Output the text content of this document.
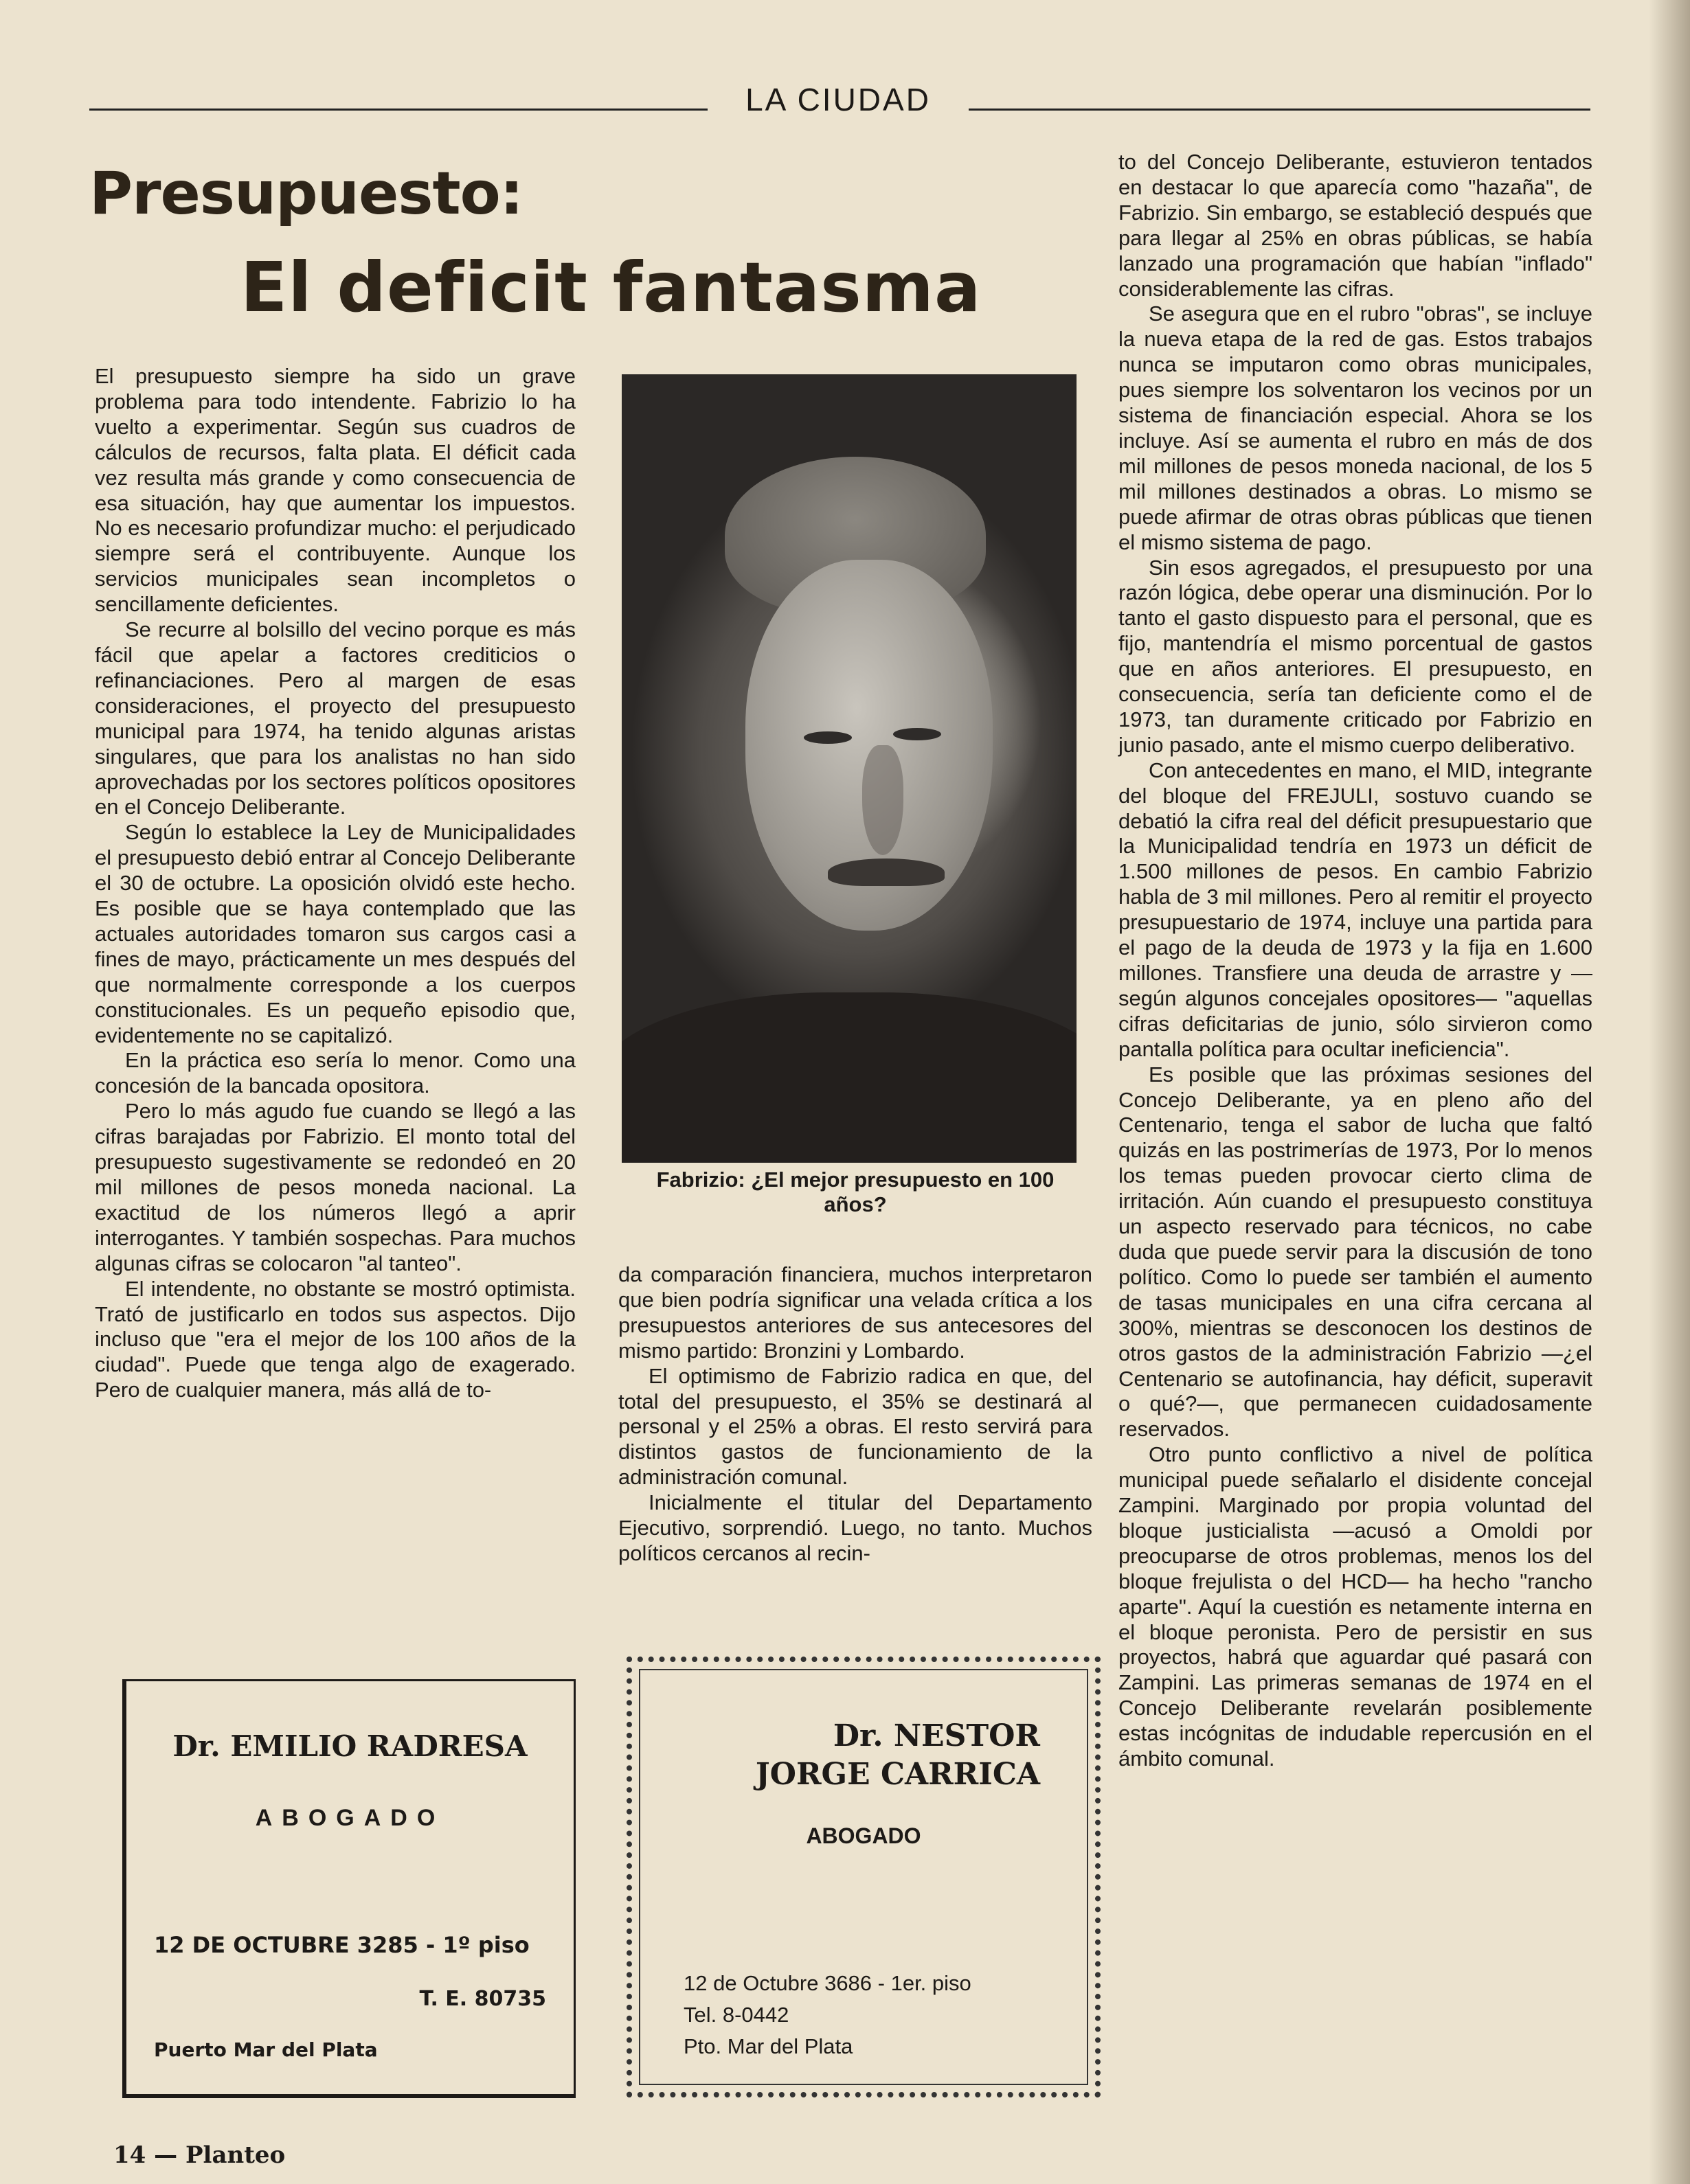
LA CIUDAD
Presupuesto:
El deficit fantasma

El presupuesto siempre ha sido un grave problema para todo intendente. Fabrizio lo ha vuelto a experimentar. Según sus cuadros de cálculos de recursos, falta plata. El déficit cada vez resulta más grande y como consecuencia de esa situación, hay que aumentar los impuestos. No es necesario profundizar mucho: el perjudicado siempre será el contribuyente. Aunque los servicios municipales sean incompletos o sencillamente deficientes.

Se recurre al bolsillo del vecino porque es más fácil que apelar a factores crediticios o refinanciaciones. Pero al margen de esas consideraciones, el proyecto del presupuesto municipal para 1974, ha tenido algunas aristas singulares, que para los analistas no han sido aprovechadas por los sectores políticos opositores en el Concejo Deliberante.

Según lo establece la Ley de Municipalidades el presupuesto debió entrar al Concejo Deliberante el 30 de octubre. La oposición olvidó este hecho. Es posible que se haya contemplado que las actuales autoridades tomaron sus cargos casi a fines de mayo, prácticamente un mes después del que normalmente corresponde a los cuerpos constitucionales. Es un pequeño episodio que, evidentemente no se capitalizó.

En la práctica eso sería lo menor. Como una concesión de la bancada opositora.

Pero lo más agudo fue cuando se llegó a las cifras barajadas por Fabrizio. El monto total del presupuesto sugestivamente se redondeó en 20 mil millones de pesos moneda nacional. La exactitud de los números llegó a aprir interrogantes. Y también sospechas. Para muchos algunas cifras se colocaron "al tanteo".

El intendente, no obstante se mostró optimista. Trató de justificarlo en todos sus aspectos. Dijo incluso que "era el mejor de los 100 años de la ciudad". Puede que tenga algo de exagerado. Pero de cualquier manera, más allá de to-

Fabrizio: ¿El mejor presupuesto en 100 años?

da comparación financiera, muchos interpretaron que bien podría significar una velada crítica a los presupuestos anteriores de sus antecesores del mismo partido: Bronzini y Lombardo.

El optimismo de Fabrizio radica en que, del total del presupuesto, el 35% se destinará al personal y el 25% a obras. El resto servirá para distintos gastos de funcionamiento de la administración comunal.

Inicialmente el titular del Departamento Ejecutivo, sorprendió. Luego, no tanto. Muchos políticos cercanos al recin-

to del Concejo Deliberante, estuvieron tentados en destacar lo que aparecía como "hazaña", de Fabrizio. Sin embargo, se estableció después que para llegar al 25% en obras públicas, se había lanzado una programación que habían "inflado" considerablemente las cifras.

Se asegura que en el rubro "obras", se incluye la nueva etapa de la red de gas. Estos trabajos nunca se imputaron como obras municipales, pues siempre los solventaron los vecinos por un sistema de financiación especial. Ahora se los incluye. Así se aumenta el rubro en más de dos mil millones de pesos moneda nacional, de los 5 mil millones destinados a obras. Lo mismo se puede afirmar de otras obras públicas que tienen el mismo sistema de pago.

Sin esos agregados, el presupuesto por una razón lógica, debe operar una disminución. Por lo tanto el gasto dispuesto para el personal, que es fijo, mantendría el mismo porcentual de gastos que en años anteriores. El presupuesto, en consecuencia, sería tan deficiente como el de 1973, tan duramente criticado por Fabrizio en junio pasado, ante el mismo cuerpo deliberativo.

Con antecedentes en mano, el MID, integrante del bloque del FREJULI, sostuvo cuando se debatió la cifra real del déficit presupuestario que la Municipalidad tendría en 1973 un déficit de 1.500 millones de pesos. En cambio Fabrizio habla de 3 mil millones. Pero al remitir el proyecto presupuestario de 1974, incluye una partida para el pago de la deuda de 1973 y la fija en 1.600 millones. Transfiere una deuda de arrastre y —según algunos concejales opositores— "aquellas cifras deficitarias de junio, sólo sirvieron como pantalla política para ocultar ineficiencia".

Es posible que las próximas sesiones del Concejo Deliberante, ya en pleno año del Centenario, tenga el sabor de lucha que faltó quizás en las postrimerías de 1973, Por lo menos los temas pueden provocar cierto clima de irritación. Aún cuando el presupuesto constituya un aspecto reservado para técnicos, no cabe duda que puede servir para la discusión de tono político. Como lo puede ser también el aumento de tasas municipales en una cifra cercana al 300%, mientras se desconocen los destinos de otros gastos de la administración Fabrizio —¿el Centenario se autofinancia, hay déficit, superavit o qué?—, que permanecen cuidadosamente reservados.

Otro punto conflictivo a nivel de política municipal puede señalarlo el disidente concejal Zampini. Marginado por propia voluntad del bloque justicialista —acusó a Omoldi por preocuparse de otros problemas, menos los del bloque frejulista o del HCD— ha hecho "rancho aparte". Aquí la cuestión es netamente interna en el bloque peronista. Pero de persistir en sus proyectos, habrá que aguardar qué pasará con Zampini. Las primeras semanas de 1974 en el Concejo Deliberante revelarán posiblemente estas incógnitas de indudable repercusión en el ámbito comunal.

Dr. EMILIO RADRESA
ABOGADO
12 DE OCTUBRE 3285 - 1º piso
T. E. 80735
Puerto Mar del Plata
Dr. NESTOR
JORGE CARRICA
ABOGADO
12 de Octubre 3686 - 1er. piso
Tel. 8-0442
Pto. Mar del Plata
14 — Planteo
